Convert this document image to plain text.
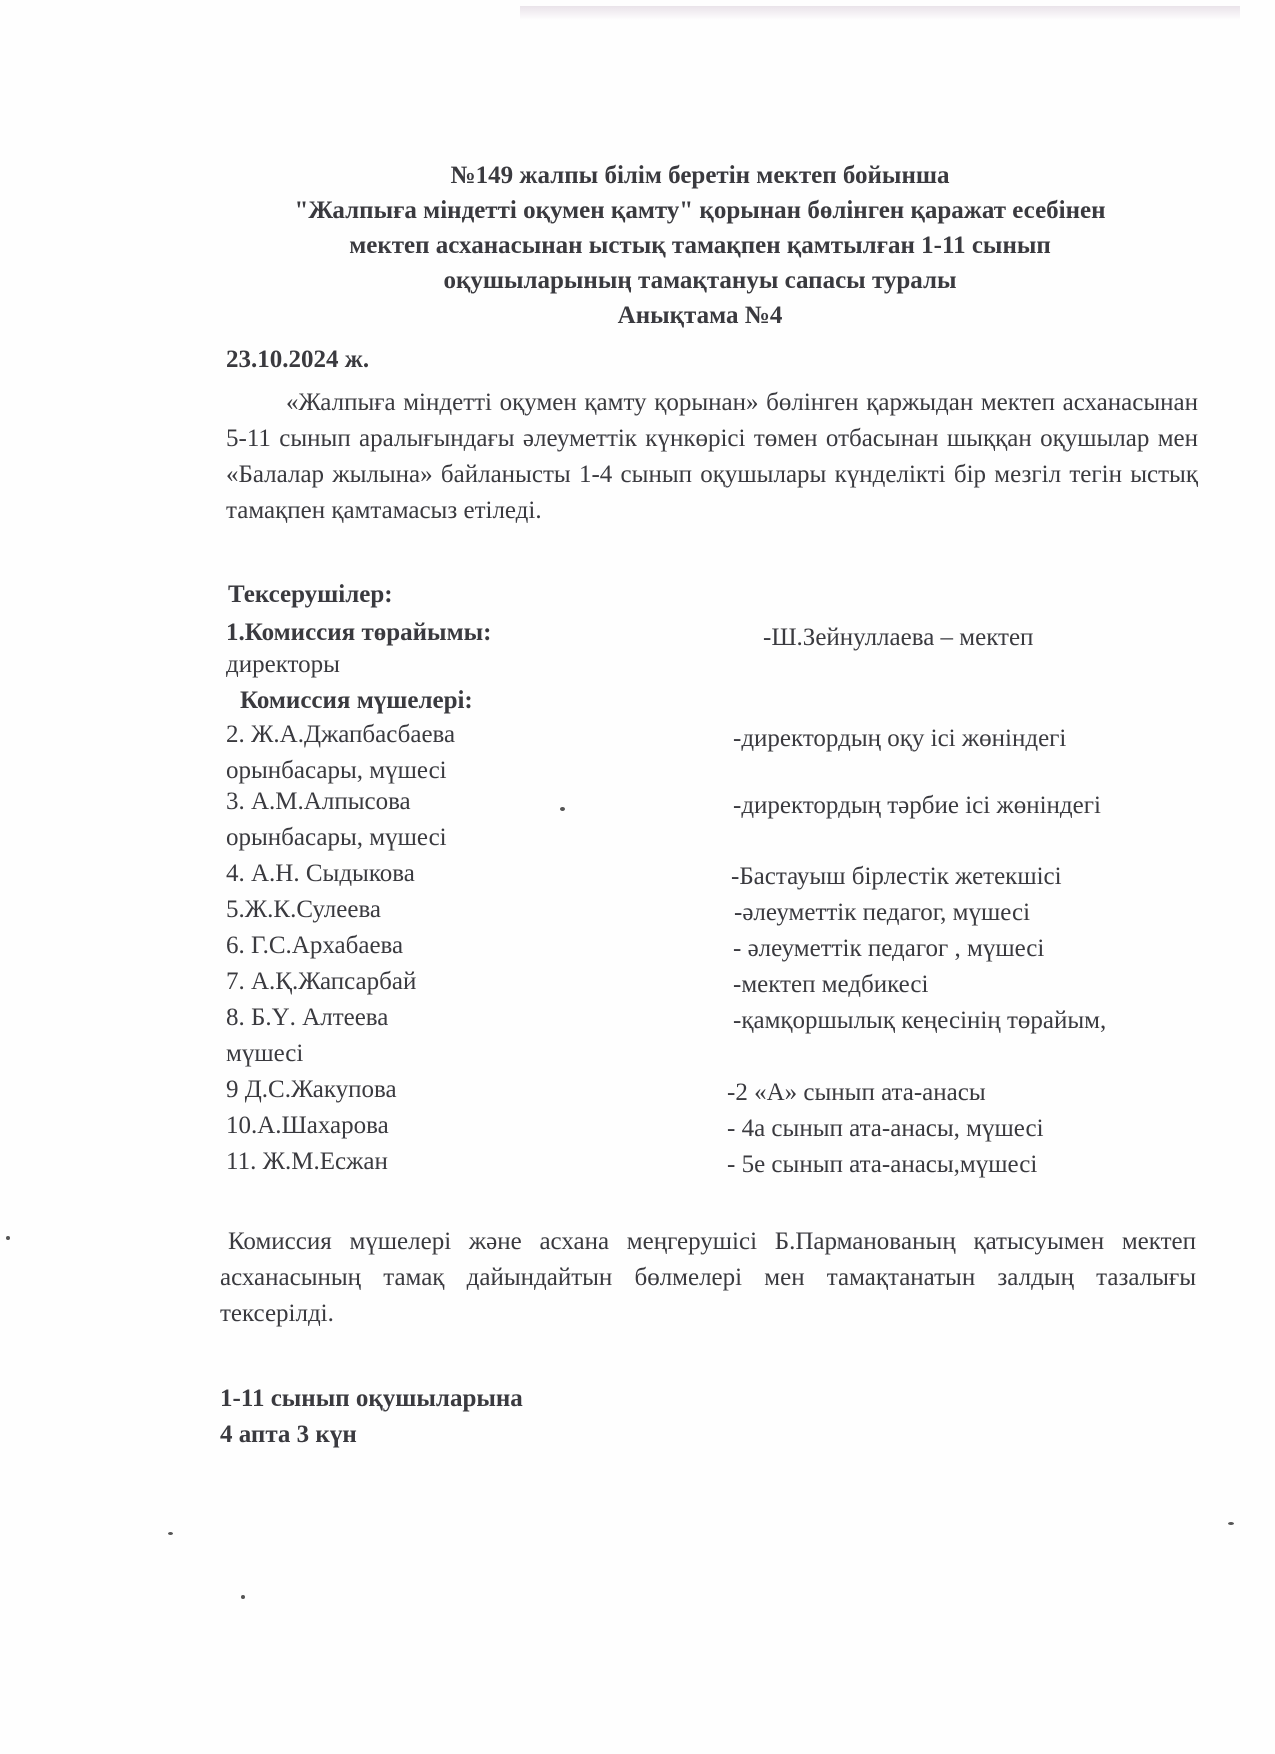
№149 жалпы білім беретін мектеп бойынша
"Жалпыға міндетті оқумен қамту" қорынан бөлінген қаражат есебінен
мектеп асханасынан ыстық тамақпен қамтылған 1-11 сынып
оқушыларының тамақтануы сапасы туралы
Анықтама №4
23.10.2024 ж.
«Жалпыға міндетті оқумен қамту қорынан» бөлінген қаржыдан мектеп асханасынан 5-11 сынып аралығындағы әлеуметтік күнкөрісі төмен отбасынан шыққан оқушылар мен «Балалар жылына» байланысты 1-4 сынып оқушылары күнделікті бір мезгіл тегін ыстық тамақпен қамтамасыз етіледі.
Тексерушілер:
1.Комиссия төрайымы:	-Ш.Зейнуллаева – мектеп
директоры
Комиссия мүшелері:
2. Ж.А.Джапбасбаева	-директордың оқу ісі жөніндегі
орынбасары, мүшесі
3. А.М.Алпысова	-директордың тәрбие ісі жөніндегі
орынбасары, мүшесі
4. А.Н. Сыдыкова	-Бастауыш бірлестік жетекшісі
5.Ж.К.Сулеева	-әлеуметтік педагог, мүшесі
6. Г.С.Архабаева	- әлеуметтік педагог , мүшесі
7. А.Қ.Жапсарбай	-мектеп медбикесі
8. Б.Ү. Алтеева	-қамқоршылық кеңесінің төрайым,
мүшесі
9 Д.С.Жакупова	-2 «А» сынып ата-анасы
10.А.Шахарова	- 4а сынып ата-анасы, мүшесі
11. Ж.М.Есжан	- 5е сынып ата-анасы,мүшесі
Комиссия мүшелері және асхана меңгерушісі Б.Пармановaның қатысуымен мектеп асханасының тамақ дайындайтын бөлмелері мен тамақтанатын залдың тазалығы тексерілді.
1-11 сынып оқушыларына
4 апта 3 күн
